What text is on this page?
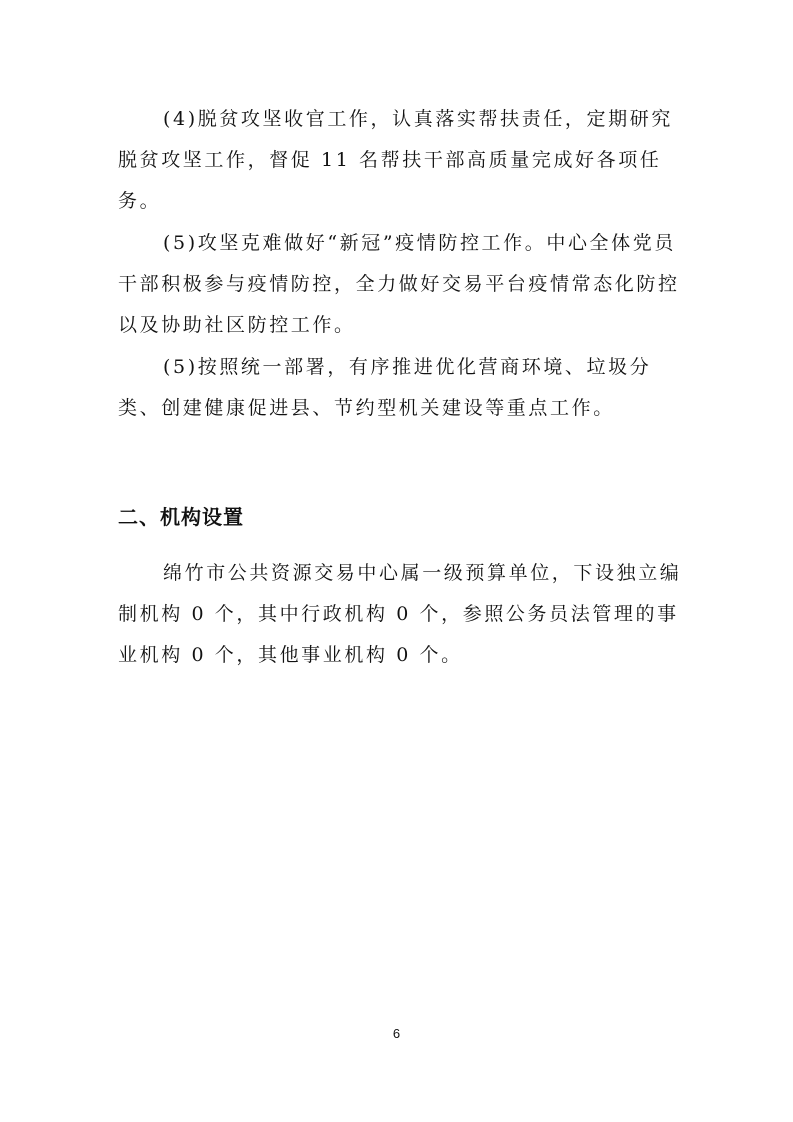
(4)脱贫攻坚收官工作，认真落实帮扶责任，定期研究脱贫攻坚工作，督促 11 名帮扶干部高质量完成好各项任务。

(5)攻坚克难做好“新冠”疫情防控工作。中心全体党员干部积极参与疫情防控，全力做好交易平台疫情常态化防控以及协助社区防控工作。

(5)按照统一部署，有序推进优化营商环境、垃圾分类、创建健康促进县、节约型机关建设等重点工作。

二、机构设置

绵竹市公共资源交易中心属一级预算单位，下设独立编制机构 0 个，其中行政机构 0 个，参照公务员法管理的事业机构 0 个，其他事业机构 0 个。

6
